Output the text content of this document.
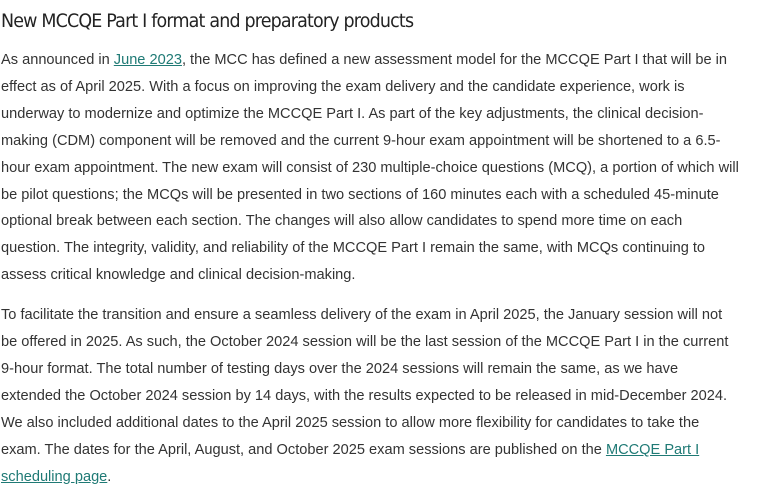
New MCCQE Part I format and preparatory products

As announced in June 2023, the MCC has defined a new assessment model for the MCCQE Part I that will be in effect as of April 2025. With a focus on improving the exam delivery and the candidate experience, work is underway to modernize and optimize the MCCQE Part I. As part of the key adjustments, the clinical decision-making (CDM) component will be removed and the current 9-hour exam appointment will be shortened to a 6.5-hour exam appointment. The new exam will consist of 230 multiple-choice questions (MCQ), a portion of which will be pilot questions; the MCQs will be presented in two sections of 160 minutes each with a scheduled 45-minute optional break between each section. The changes will also allow candidates to spend more time on each question. The integrity, validity, and reliability of the MCCQE Part I remain the same, with MCQs continuing to assess critical knowledge and clinical decision-making.

To facilitate the transition and ensure a seamless delivery of the exam in April 2025, the January session will not be offered in 2025. As such, the October 2024 session will be the last session of the MCCQE Part I in the current 9-hour format. The total number of testing days over the 2024 sessions will remain the same, as we have extended the October 2024 session by 14 days, with the results expected to be released in mid-December 2024. We also included additional dates to the April 2025 session to allow more flexibility for candidates to take the exam. The dates for the April, August, and October 2025 exam sessions are published on the MCCQE Part I scheduling page.
